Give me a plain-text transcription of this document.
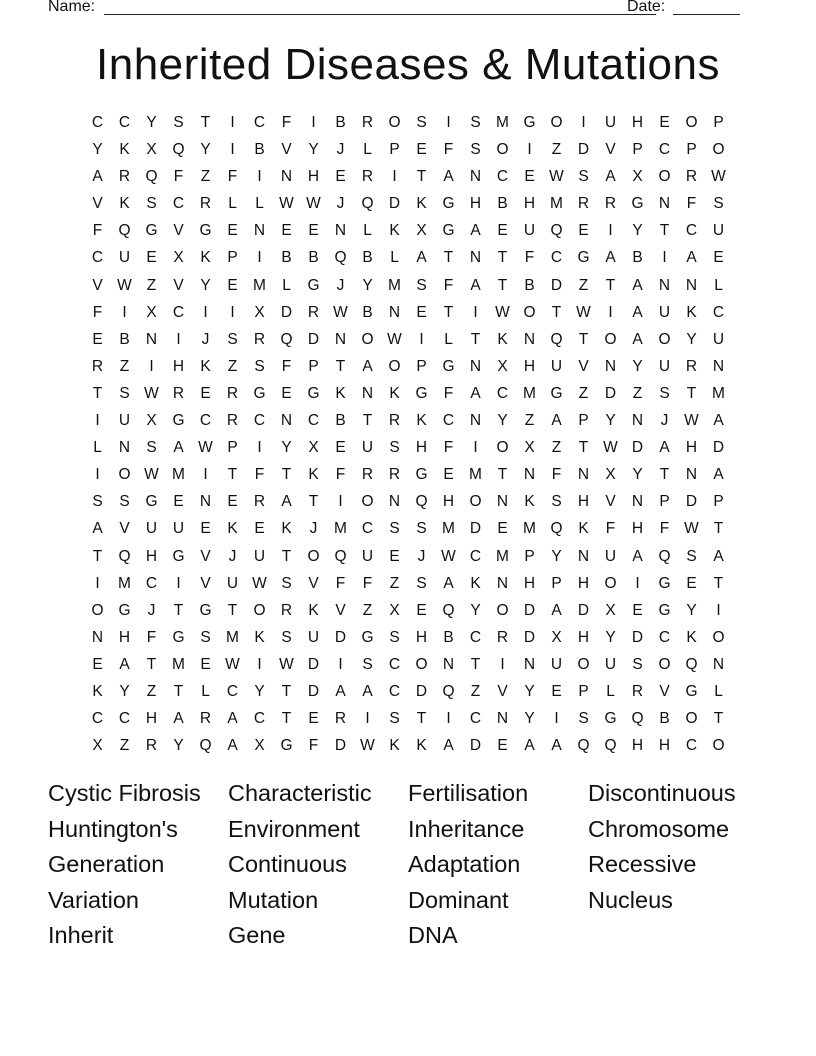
Name:	Date:
Inherited Diseases & Mutations
C	C	Y	S	T	I	C	F	I	B	R O	S	I	S M G O	I	U	H	E	O	P
Y	K	X	Q	Y	I	B	V	Y	J	L	P	E	F	S	O	I	Z	D	V	P	C	P	O
A	R Q	F	Z	F	I	N	H	E	R	I	T	A	N	C	E W S	A	X	O R W
V	K	S	C	R	L	L W W	J	Q D	K	G H	B	H M R	R G N	F	S
F	Q G	V	G	E	N	E	E	N	L	K	X	G	A	E	U Q	E	I	Y	T	C	U
C	U	E	X	K	P	I	B	B	Q	B	L	A	T	N	T	F	C G	A	B	I	A	E
V W Z	V	Y	E M	L	G	J	Y M S	F	A	T	B	D	Z	T	A	N	N	L
F	I	X	C	I	I	X	D	R W B	N	E	T	I	W O	T W	I	A	U	K	C
E	B	N	I	J	S	R Q D	N O W	I	L	T	K	N Q	T	O	A	O	Y	U
R	Z	I	H	K	Z	S	F	P	T	A	O	P	G N	X	H	U	V	N	Y	U	R	N
T	S W R	E	R G	E	G	K	N	K	G	F	A	C M G	Z	D	Z	S	T	M
I	U	X	G C	R	C	N	C	B	T	R	K	C	N	Y	Z	A	P	Y	N	J	W A
L	N	S	A W P	I	Y	X	E	U	S	H	F	I	O	X	Z	T W D	A	H	D
I	O W M	I	T	F	T	K	F	R	R G	E M	T	N	F	N	X	Y	T	N	A
S	S	G	E	N	E	R	A	T	I	O N Q H O N	K	S	H	V	N	P	D	P
A	V	U	U	E	K	E	K	J	M C	S	S M D	E M Q	K	F	H	F W T
T	Q H G	V	J	U	T	O Q U	E	J	W C M P	Y	N	U	A	Q	S	A
I	M C	I	V	U W S	V	F	F	Z	S	A	K	N	H	P	H O	I	G	E	T
O G	J	T	G	T	O R	K	V	Z	X	E	Q	Y	O D	A	D	X	E	G	Y	I
N	H	F	G	S M K	S	U	D G	S	H	B	C	R	D	X	H	Y	D	C	K	O
E	A	T	M E W	I	W D	I	S	C O N	T	I	N	U O U	S	O Q N
K	Y	Z	T	L	C	Y	T	D	A	A	C	D Q	Z	V	Y	E	P	L	R	V	G	L
C	C	H	A	R	A	C	T	E	R	I	S	T	I	C	N	Y	I	S	G Q	B	O	T
X	Z	R	Y	Q	A	X	G	F	D W K	K	A	D	E	A	A	Q Q H	H	C O
Cystic Fibrosis	Characteristic	Fertilisation	Discontinuous
Huntington's	Environment	Inheritance	Chromosome
Generation	Continuous	Adaptation	Recessive
Variation	Mutation	Dominant	Nucleus
Inherit	Gene	DNA
